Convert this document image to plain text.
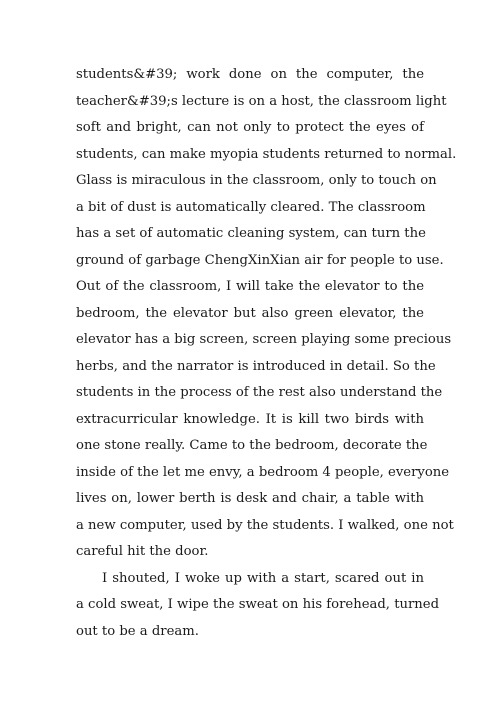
students&#39; work done on the computer, the
teacher&#39;s lecture is on a host, the classroom light
soft and bright, can not only to protect the eyes of
students, can make myopia students returned to normal.
Glass is miraculous in the classroom, only to touch on
a bit of dust is automatically cleared. The classroom
has a set of automatic cleaning system, can turn the
ground of garbage ChengXinXian air for people to use.
Out of the classroom, I will take the elevator to the
bedroom, the elevator but also green elevator, the
elevator has a big screen, screen playing some precious
herbs, and the narrator is introduced in detail. So the
students in the process of the rest also understand the
extracurricular knowledge. It is kill two birds with
one stone really. Came to the bedroom, decorate the
inside of the let me envy, a bedroom 4 people, everyone
lives on, lower berth is desk and chair, a table with
a new computer, used by the students. I walked, one not
careful hit the door.
I shouted, I woke up with a start, scared out in
a cold sweat, I wipe the sweat on his forehead, turned
out to be a dream.
